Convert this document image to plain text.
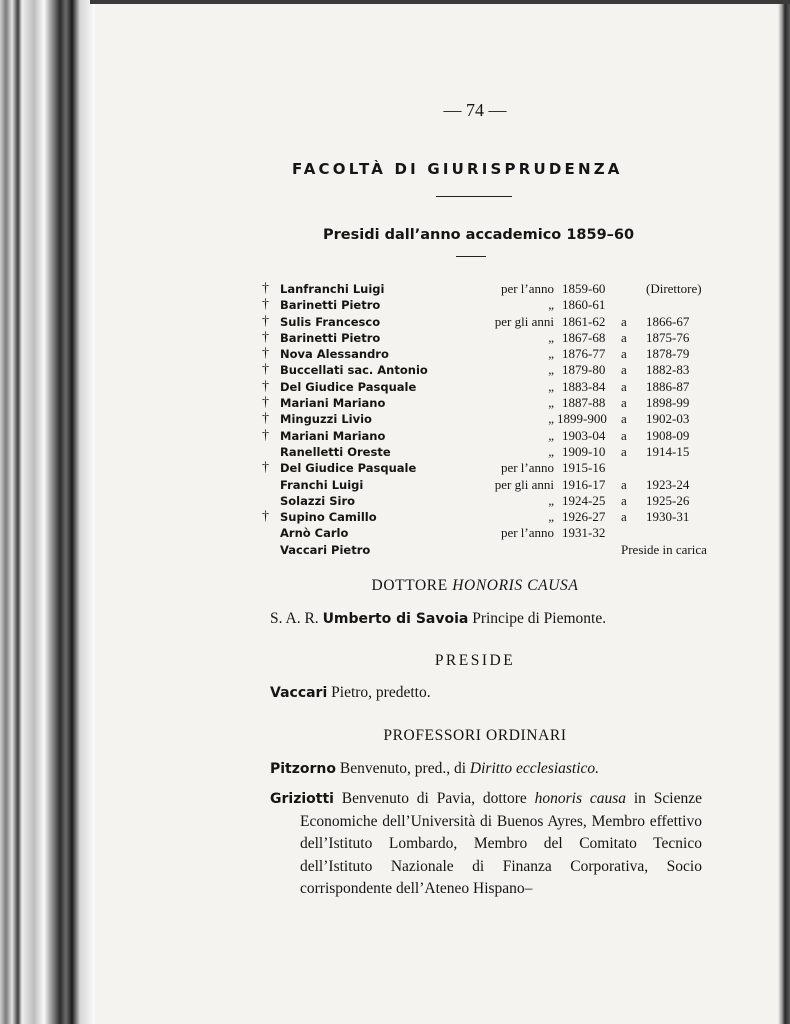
— 74 —
FACOLTÀ DI GIURISPRUDENZA
Presidi dall’anno accademico 1859–60
† Lanfranchi Luigi	per l’anno 1859-60	(Direttore)
† Barinetti Pietro	„ 1860-61
† Sulis Francesco	per gli anni 1861-62 a 1866-67
† Barinetti Pietro	„ 1867-68 a 1875-76
† Nova Alessandro	„ 1876-77 a 1878-79
† Buccellati sac. Antonio	„ 1879-80 a 1882-83
† Del Giudice Pasquale	„ 1883-84 a 1886-87
† Mariani Mariano	„ 1887-88 a 1898-99
† Minguzzi Livio	„ 1899-900 a 1902-03
† Mariani Mariano	„ 1903-04 a 1908-09
Ranelletti Oreste	„ 1909-10 a 1914-15
† Del Giudice Pasquale	per l’anno 1915-16
Franchi Luigi	per gli anni 1916-17 a 1923-24
Solazzi Siro	„ 1924-25 a 1925-26
† Supino Camillo	„ 1926-27 a 1930-31
Arnò Carlo	per l’anno 1931-32
Vaccari Pietro	Preside in carica
DOTTORE HONORIS CAUSA
S. A. R. Umberto di Savoia Principe di Piemonte.
PRESIDE
Vaccari Pietro, predetto.
PROFESSORI ORDINARI
Pitzorno Benvenuto, pred., di Diritto ecclesiastico.

Griziotti Benvenuto di Pavia, dottore honoris causa in Scienze Economiche dell’Università di Buenos Ayres, Membro effettivo dell’Istituto Lombardo, Membro del Comitato Tecnico dell’Istituto Nazionale di Finanza Corporativa, Socio corrispondente dell’Ateneo Hispano–
